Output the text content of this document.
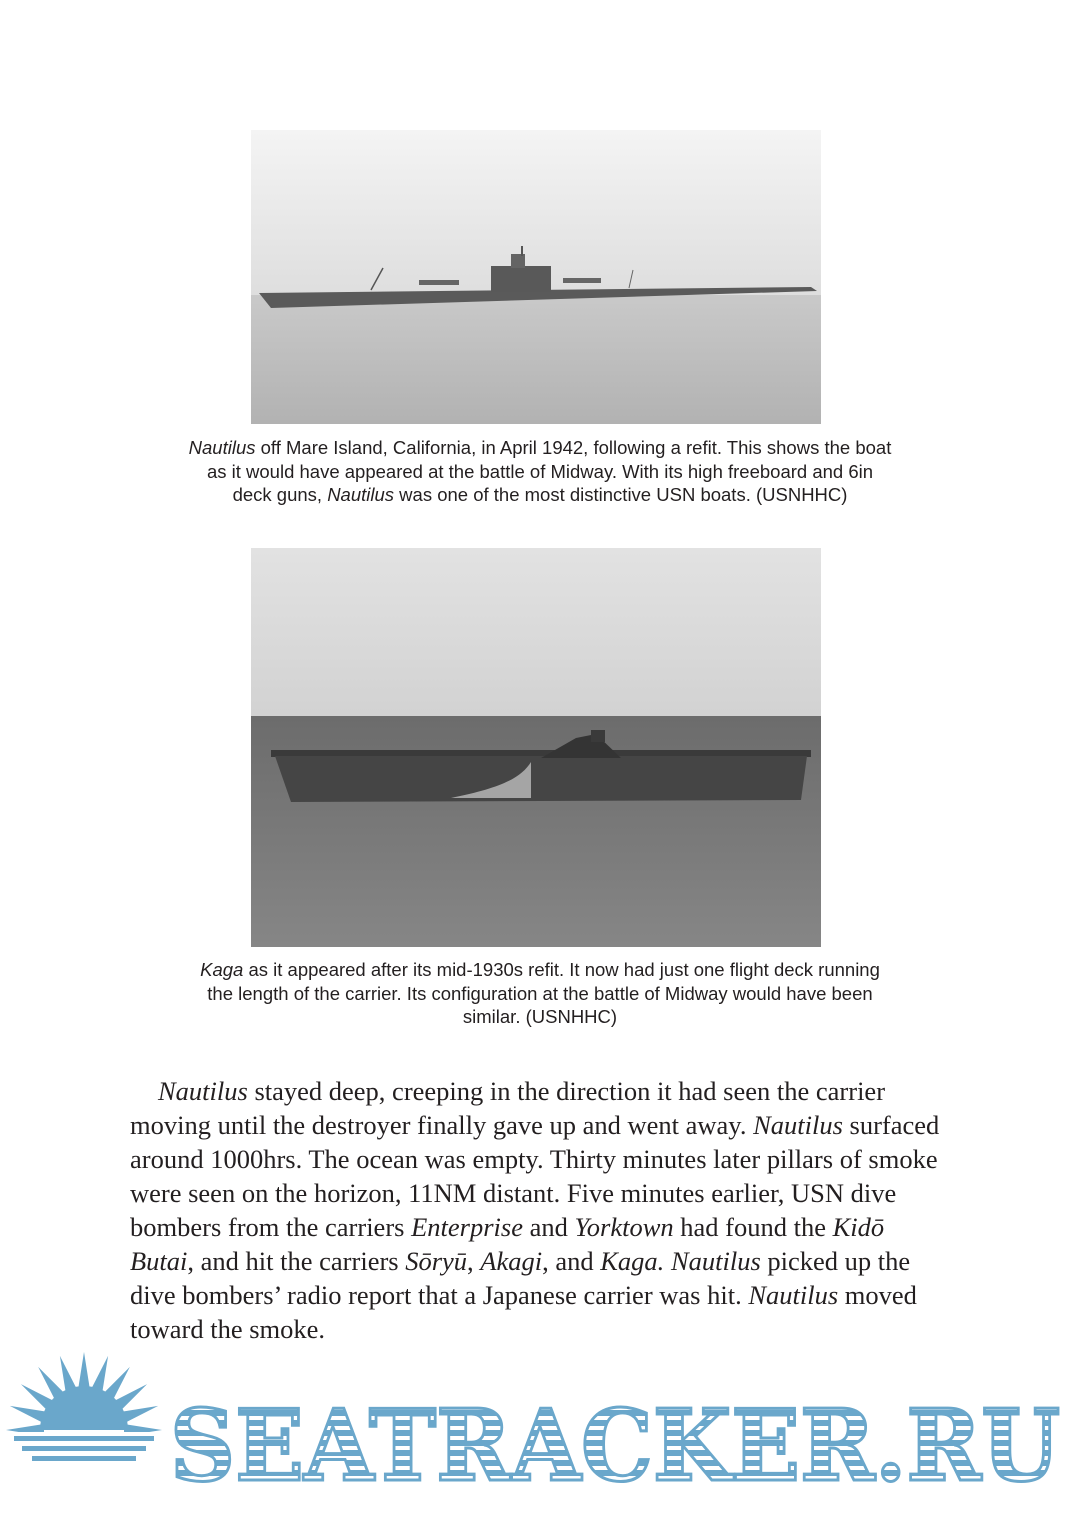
Nautilus off Mare Island, California, in April 1942, following a refit. This shows the boat
as it would have appeared at the battle of Midway. With its high freeboard and 6in
deck guns, Nautilus was one of the most distinctive USN boats. (USNHHC)
Kaga as it appeared after its mid-1930s refit. It now had just one flight deck running
the length of the carrier. Its configuration at the battle of Midway would have been
similar. (USNHHC)

Nautilus stayed deep, creeping in the direction it had seen the carrier moving until the destroyer finally gave up and went away. Nautilus surfaced around 1000hrs. The ocean was empty. Thirty minutes later pillars of smoke were seen on the horizon, 11NM distant. Five minutes earlier, USN dive bombers from the carriers Enterprise and Yorktown had found the Kidō Butai, and hit the carriers Sōryū, Akagi, and Kaga. Nautilus picked up the dive bombers’ radio report that a Japanese carrier was hit. Nautilus moved toward the smoke.

SEATRACKER.RU
